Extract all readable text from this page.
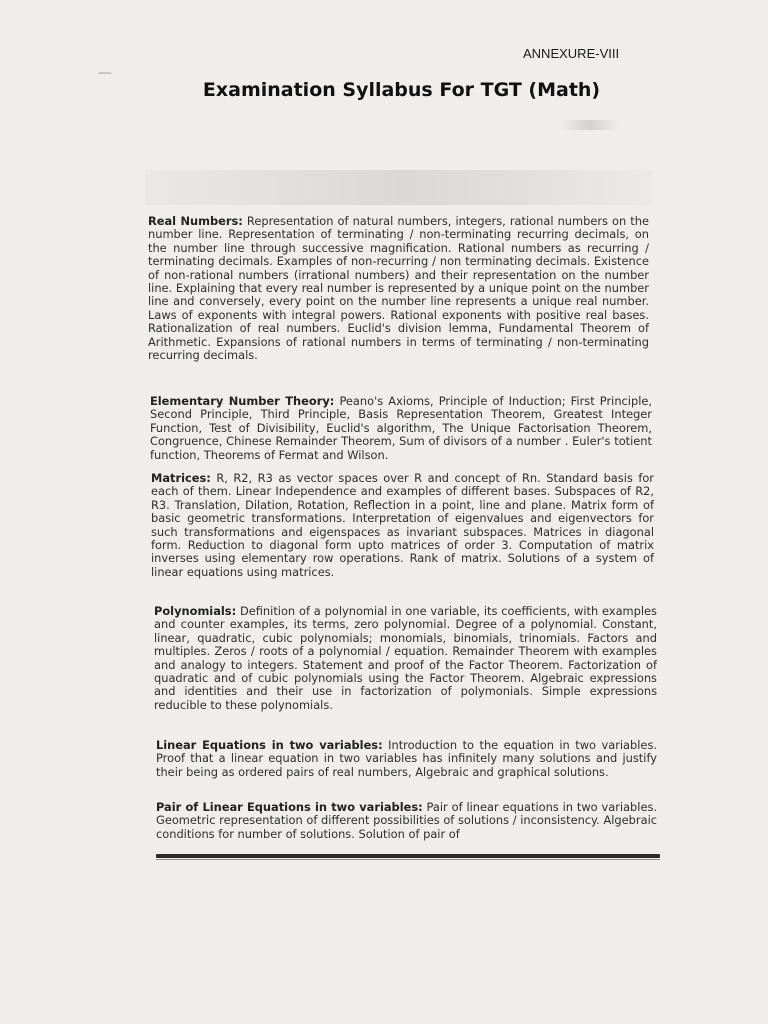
ANNEXURE-VIII
Examination Syllabus For TGT (Math)

Real Numbers: Representation of natural numbers, integers, rational numbers on the number line. Representation of terminating / non-terminating recurring decimals, on the number line through successive magnification. Rational numbers as recurring / terminating decimals. Examples of non-recurring / non terminating decimals. Existence of non-rational numbers (irrational numbers) and their representation on the number line. Explaining that every real number is represented by a unique point on the number line and conversely, every point on the number line represents a unique real number. Laws of exponents with integral powers. Rational exponents with positive real bases. Rationalization of real numbers. Euclid's division lemma, Fundamental Theorem of Arithmetic. Expansions of rational numbers in terms of terminating / non-terminating recurring decimals.

Elementary Number Theory: Peano's Axioms, Principle of Induction; First Principle, Second Principle, Third Principle, Basis Representation Theorem, Greatest Integer Function, Test of Divisibility, Euclid's algorithm, The Unique Factorisation Theorem, Congruence, Chinese Remainder Theorem, Sum of divisors of a number . Euler's totient function, Theorems of Fermat and Wilson.

Matrices: R, R2, R3 as vector spaces over R and concept of Rn. Standard basis for each of them. Linear Independence and examples of different bases. Subspaces of R2, R3. Translation, Dilation, Rotation, Reflection in a point, line and plane. Matrix form of basic geometric transformations. Interpretation of eigenvalues and eigenvectors for such transformations and eigenspaces as invariant subspaces. Matrices in diagonal form. Reduction to diagonal form upto matrices of order 3. Computation of matrix inverses using elementary row operations. Rank of matrix. Solutions of a system of linear equations using matrices.

Polynomials: Definition of a polynomial in one variable, its coefficients, with examples and counter examples, its terms, zero polynomial. Degree of a polynomial. Constant, linear, quadratic, cubic polynomials; monomials, binomials, trinomials. Factors and multiples. Zeros / roots of a polynomial / equation. Remainder Theorem with examples and analogy to integers. Statement and proof of the Factor Theorem. Factorization of quadratic and of cubic polynomials using the Factor Theorem. Algebraic expressions and identities and their use in factorization of polymonials. Simple expressions reducible to these polynomials.

Linear Equations in two variables: Introduction to the equation in two variables. Proof that a linear equation in two variables has infinitely many solutions and justify their being as ordered pairs of real numbers, Algebraic and graphical solutions.

Pair of Linear Equations in two variables: Pair of linear equations in two variables. Geometric representation of different possibilities of solutions / inconsistency. Algebraic conditions for number of solutions. Solution of pair of
